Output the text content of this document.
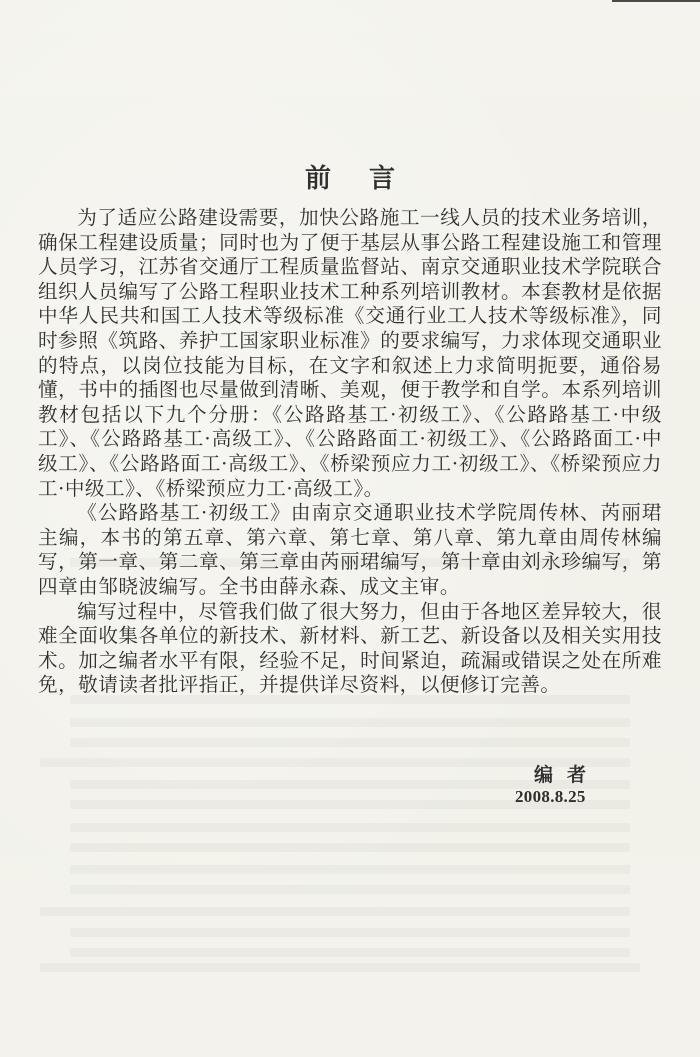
前言

为了适应公路建设需要，加快公路施工一线人员的技术业务培训，确保工程建设质量；同时也为了便于基层从事公路工程建设施工和管理人员学习，江苏省交通厅工程质量监督站、南京交通职业技术学院联合组织人员编写了公路工程职业技术工种系列培训教材。本套教材是依据中华人民共和国工人技术等级标准《交通行业工人技术等级标准》，同时参照《筑路、养护工国家职业标准》的要求编写，力求体现交通职业的特点，以岗位技能为目标，在文字和叙述上力求简明扼要，通俗易懂，书中的插图也尽量做到清晰、美观，便于教学和自学。本系列培训教材包括以下九个分册：《公路路基工·初级工》、《公路路基工·中级工》、《公路路基工·高级工》、《公路路面工·初级工》、《公路路面工·中级工》、《公路路面工·高级工》、《桥梁预应力工·初级工》、《桥梁预应力工·中级工》、《桥梁预应力工·高级工》。

《公路路基工·初级工》由南京交通职业技术学院周传林、芮丽珺主编，本书的第五章、第六章、第七章、第八章、第九章由周传林编写，第一章、第二章、第三章由芮丽珺编写，第十章由刘永珍编写，第四章由邹晓波编写。全书由薛永森、成文主审。

编写过程中，尽管我们做了很大努力，但由于各地区差异较大，很难全面收集各单位的新技术、新材料、新工艺、新设备以及相关实用技术。加之编者水平有限，经验不足，时间紧迫，疏漏或错误之处在所难免，敬请读者批评指正，并提供详尽资料，以便修订完善。

编者
2008.8.25
